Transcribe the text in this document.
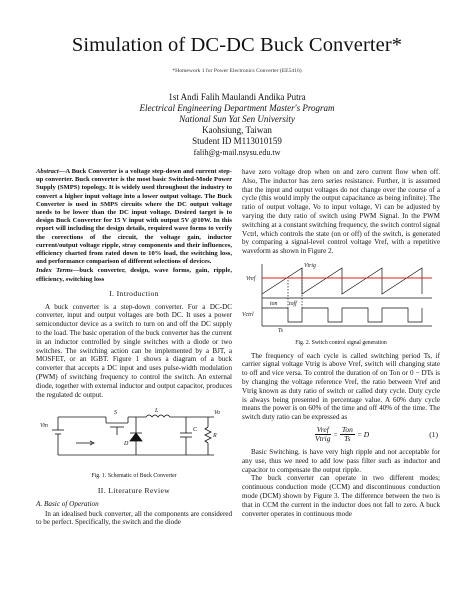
Simulation of DC-DC Buck Converter*
*Homework 1 for Power Electronics Converter (EE5416)
1st Andi Falih Maulandi Andika Putra
Electrical Engineering Department Master's Program
National Sun Yat Sen University
Kaohsiung, Taiwan
Student ID M113010159
falih@g-mail.nsysu.edu.tw
Abstract—A Buck Converter is a voltage step-down and current step-up converter. Buck converter is the most basic Switched-Mode Power Supply (SMPS) topology. It is widely used throughout the industry to convert a higher input voltage into a lower output voltage. The Buck Converter is used in SMPS circuits where the DC output voltage needs to be lower than the DC input voltage. Desired target is to design Buck Converter for 15 V input with output 5V @10W. In this report will including the design details, required wave forms to verify the corrections of the circuit, the voltage gain, inductor current/output voltage ripple, stray components and their influences, efficiency charted from rated down to 10% load, the switching loss, and performance comparison of different selections of devices.
Index Terms—buck converter, design, wave forms, gain, ripple, efficiency, switching loss
I. Introduction

A buck converter is a step-down converter. For a DC-DC converter, input and output voltages are both DC. It uses a power semiconductor device as a switch to turn on and off the DC supply to the load. The basic operation of the buck converter has the current in an inductor controlled by single switches with a diode or two switches. The switching action can be implemented by a BJT, a MOSFET, or an IGBT. Figure 1 shows a diagram of a buck converter that accepts a DC input and uses pulse-width modulation (PWM) of switching frequency to control the switch. An external diode, together with external inductor and output capacitor, produces the regulated dc output.

Vin
S	L
D
C
R
Vo
Fig. 1. Schematic of Buck Converter
II. Literature Review
A. Basic of Operation

In an idealised buck converter, all the components are considered to be perfect. Specifically, the switch and the diode

have zero voltage drop when on and zero current flow when off. Also, The inductor has zero series resistance. Further, it is assumed that the input and output voltages do not change over the course of a cycle (this would imply the output capacitance as being infinite). The ratio of output voltage, Vo to input voltage, Vi can be adjusted by varying the duty ratio of switch using PWM Signal. In the PWM switching at a constant switching frequency, the switch control signal Vctrl, which controls the state (on or off) of the switch, is generated by comparing a signal-level control voltage Vref, with a repetitive waveform as shown in Figure 2.

Vtrig
Vref
Vctrl
ton toff
Ts
Fig. 2. Switch control signal generation

The frequency of each cycle is called switching period Ts, if carrier signal voltage Vtrig is above Vref, switch will changing state to off and vice versa. To control the duration of on Ton or 0 − DTs is by changing the voltage reference Vref, the ratio between Vref and Vtrig known as duty ratio of switch or called duty cycle. Duty cycle is always being presented in percentage value. A 60% duty cycle means the power is on 60% of the time and off 40% of the time. The switch duty ratio can be expressed as

$\frac{\text{Vref}}{\text{Vtrig}} = \frac{\text{Ton}}{Ts} = D$	(1)

Basic Switching, is have very high ripple and not acceptable for any use, thus we need to add low pass filter such as inductor and capacitor to compensate the output ripple.

The buck converter can operate in two different modes; continuous conduction mode (CCM) and discontinuous conduction mode (DCM) shown by Figure 3. The difference between the two is that in CCM the current in the inductor does not fall to zero. A buck converter operates in continuous mode
